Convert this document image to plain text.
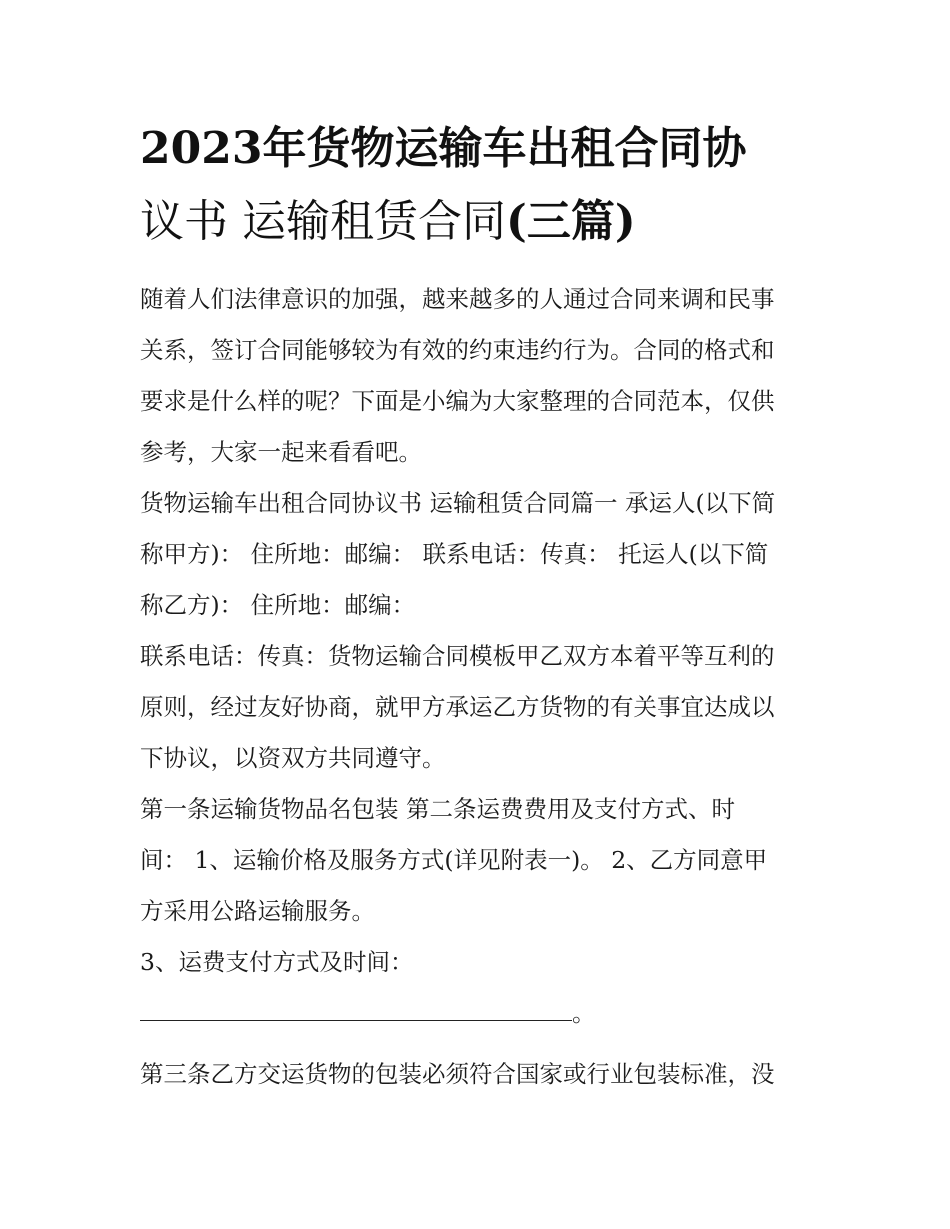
2023年货物运输车出租合同协
议书 运输租赁合同(三篇)

随着人们法律意识的加强，越来越多的人通过合同来调和民事
关系，签订合同能够较为有效的约束违约行为。合同的格式和
要求是什么样的呢？下面是小编为大家整理的合同范本，仅供
参考，大家一起来看看吧。

货物运输车出租合同协议书 运输租赁合同篇一 承运人(以下简
称甲方)： 住所地：邮编： 联系电话：传真： 托运人(以下简
称乙方)： 住所地：邮编：

联系电话：传真：货物运输合同模板甲乙双方本着平等互利的
原则，经过友好协商，就甲方承运乙方货物的有关事宜达成以
下协议，以资双方共同遵守。

第一条运输货物品名包装 第二条运费费用及支付方式、时
间： 1、运输价格及服务方式(详见附表一)。 2、乙方同意甲
方采用公路运输服务。

3、运费支付方式及时间：
。

第三条乙方交运货物的包装必须符合国家或行业包装标准，没
